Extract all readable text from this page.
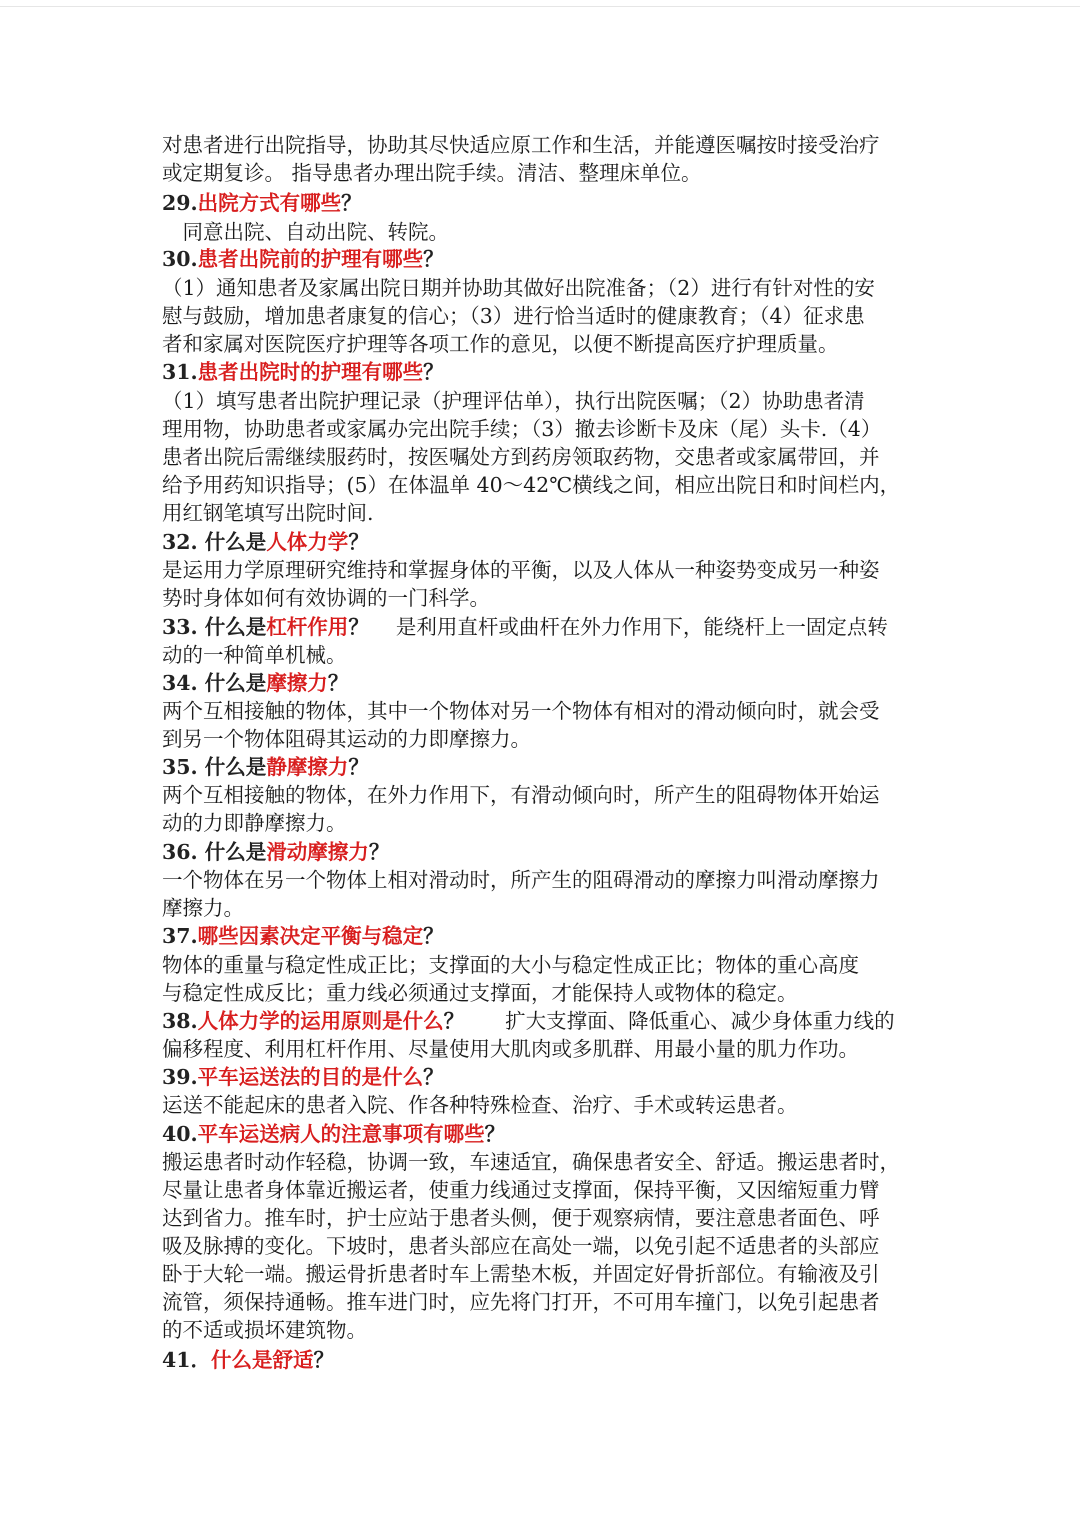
对患者进行出院指导，协助其尽快适应原工作和生活，并能遵医嘱按时接受治疗
或定期复诊。 指导患者办理出院手续。清洁、整理床单位。
29.出院方式有哪些？
　同意出院、自动出院、转院。
30.患者出院前的护理有哪些？
（1）通知患者及家属出院日期并协助其做好出院准备；（2）进行有针对性的安
慰与鼓励，增加患者康复的信心；（3）进行恰当适时的健康教育；（4）征求患
者和家属对医院医疗护理等各项工作的意见，以便不断提高医疗护理质量。
31.患者出院时的护理有哪些？
（1）填写患者出院护理记录（护理评估单），执行出院医嘱；（2）协助患者清
理用物，协助患者或家属办完出院手续；（3）撤去诊断卡及床（尾）头卡.（4）
患者出院后需继续服药时，按医嘱处方到药房领取药物，交患者或家属带回，并
给予用药知识指导；(5）在体温单 40～42℃横线之间，相应出院日和时间栏内，
用红钢笔填写出院时间.
32. 什么是人体力学？
是运用力学原理研究维持和掌握身体的平衡，以及人体从一种姿势变成另一种姿
势时身体如何有效协调的一门科学。
33. 什么是杠杆作用？　 是利用直杆或曲杆在外力作用下，能绕杆上一固定点转
动的一种简单机械。
34. 什么是摩擦力？
两个互相接触的物体，其中一个物体对另一个物体有相对的滑动倾向时，就会受
到另一个物体阻碍其运动的力即摩擦力。
35. 什么是静摩擦力？
两个互相接触的物体，在外力作用下，有滑动倾向时，所产生的阻碍物体开始运
动的力即静摩擦力。
36. 什么是滑动摩擦力？
一个物体在另一个物体上相对滑动时，所产生的阻碍滑动的摩擦力叫滑动摩擦力
摩擦力。
37.哪些因素决定平衡与稳定？
物体的重量与稳定性成正比；支撑面的大小与稳定性成正比；物体的重心高度
与稳定性成反比；重力线必须通过支撑面，才能保持人或物体的稳定。
38.人体力学的运用原则是什么？　　扩大支撑面、降低重心、减少身体重力线的
偏移程度、利用杠杆作用、尽量使用大肌肉或多肌群、用最小量的肌力作功。
39.平车运送法的目的是什么？
运送不能起床的患者入院、作各种特殊检查、治疗、手术或转运患者。
40.平车运送病人的注意事项有哪些？
搬运患者时动作轻稳，协调一致，车速适宜，确保患者安全、舒适。搬运患者时，
尽量让患者身体靠近搬运者，使重力线通过支撑面，保持平衡，又因缩短重力臂
达到省力。推车时，护士应站于患者头侧，便于观察病情，要注意患者面色、呼
吸及脉搏的变化。下坡时，患者头部应在高处一端，以免引起不适患者的头部应
卧于大轮一端。搬运骨折患者时车上需垫木板，并固定好骨折部位。有输液及引
流管，须保持通畅。推车进门时，应先将门打开，不可用车撞门，以免引起患者
的不适或损坏建筑物。
41．什么是舒适？
